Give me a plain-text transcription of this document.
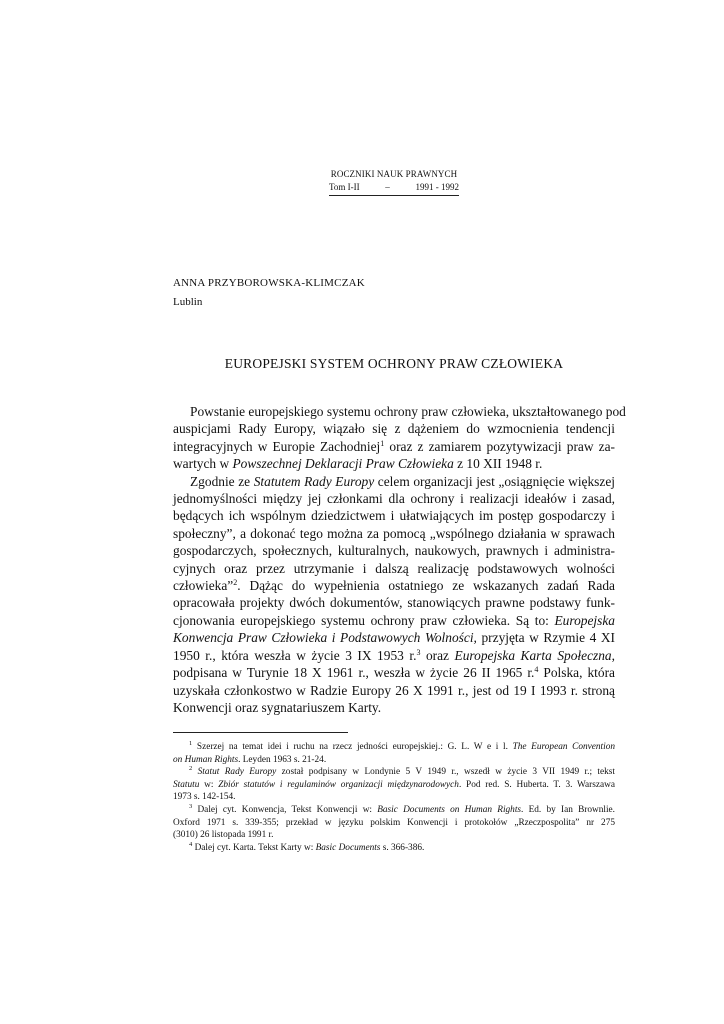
ROCZNIKI NAUK PRAWNYCH
Tom I-II	–	1991 - 1992
ANNA PRZYBOROWSKA-KLIMCZAK
Lublin
EUROPEJSKI SYSTEM OCHRONY PRAW CZŁOWIEKA
Powstanie europejskiego systemu ochrony praw człowieka, ukształtowanego pod
auspicjami Rady Europy, wiązało się z dążeniem do wzmocnienia tendencji
integracyjnych w Europie Zachodniej$^1$ oraz z zamiarem pozytywizacji praw za-
wartych w Powszechnej Deklaracji Praw Człowieka z 10 XII 1948 r.
Zgodnie ze Statutem Rady Europy celem organizacji jest „osiągnięcie większej
jednomyślności między jej członkami dla ochrony i realizacji ideałów i zasad,
będących ich wspólnym dziedzictwem i ułatwiających im postęp gospodarczy i
społeczny”, a dokonać tego można za pomocą „wspólnego działania w sprawach
gospodarczych, społecznych, kulturalnych, naukowych, prawnych i administra-
cyjnych oraz przez utrzymanie i dalszą realizację podstawowych wolności
człowieka”$^2$. Dążąc do wypełnienia ostatniego ze wskazanych zadań Rada
opracowała projekty dwóch dokumentów, stanowiących prawne podstawy funk-
cjonowania europejskiego systemu ochrony praw człowieka. Są to: Europejska
Konwencja Praw Człowieka i Podstawowych Wolności, przyjęta w Rzymie 4 XI
1950 r., która weszła w życie 3 IX 1953 r.$^3$ oraz Europejska Karta Społeczna,
podpisana w Turynie 18 X 1961 r., weszła w życie 26 II 1965 r.$^4$ Polska, która
uzyskała członkostwo w Radzie Europy 26 X 1991 r., jest od 19 I 1993 r. stroną
Konwencji oraz sygnatariuszem Karty.
$^1$ Szerzej na temat idei i ruchu na rzecz jedności europejskiej.: G. L. W e i l. The European Convention
on Human Rights. Leyden 1963 s. 21-24.
$^2$ Statut Rady Europy został podpisany w Londynie 5 V 1949 r., wszedł w życie 3 VII 1949 r.; tekst
Statutu w: Zbiór statutów i regulaminów organizacji międzynarodowych. Pod red. S. Huberta. T. 3. Warszawa
1973 s. 142-154.
$^3$ Dalej cyt. Konwencja, Tekst Konwencji w: Basic Documents on Human Rights. Ed. by Ian Brownlie.
Oxford 1971 s. 339-355; przekład w języku polskim Konwencji i protokołów „Rzeczpospolita” nr 275
(3010) 26 listopada 1991 r.
$^4$ Dalej cyt. Karta. Tekst Karty w: Basic Documents s. 366-386.
